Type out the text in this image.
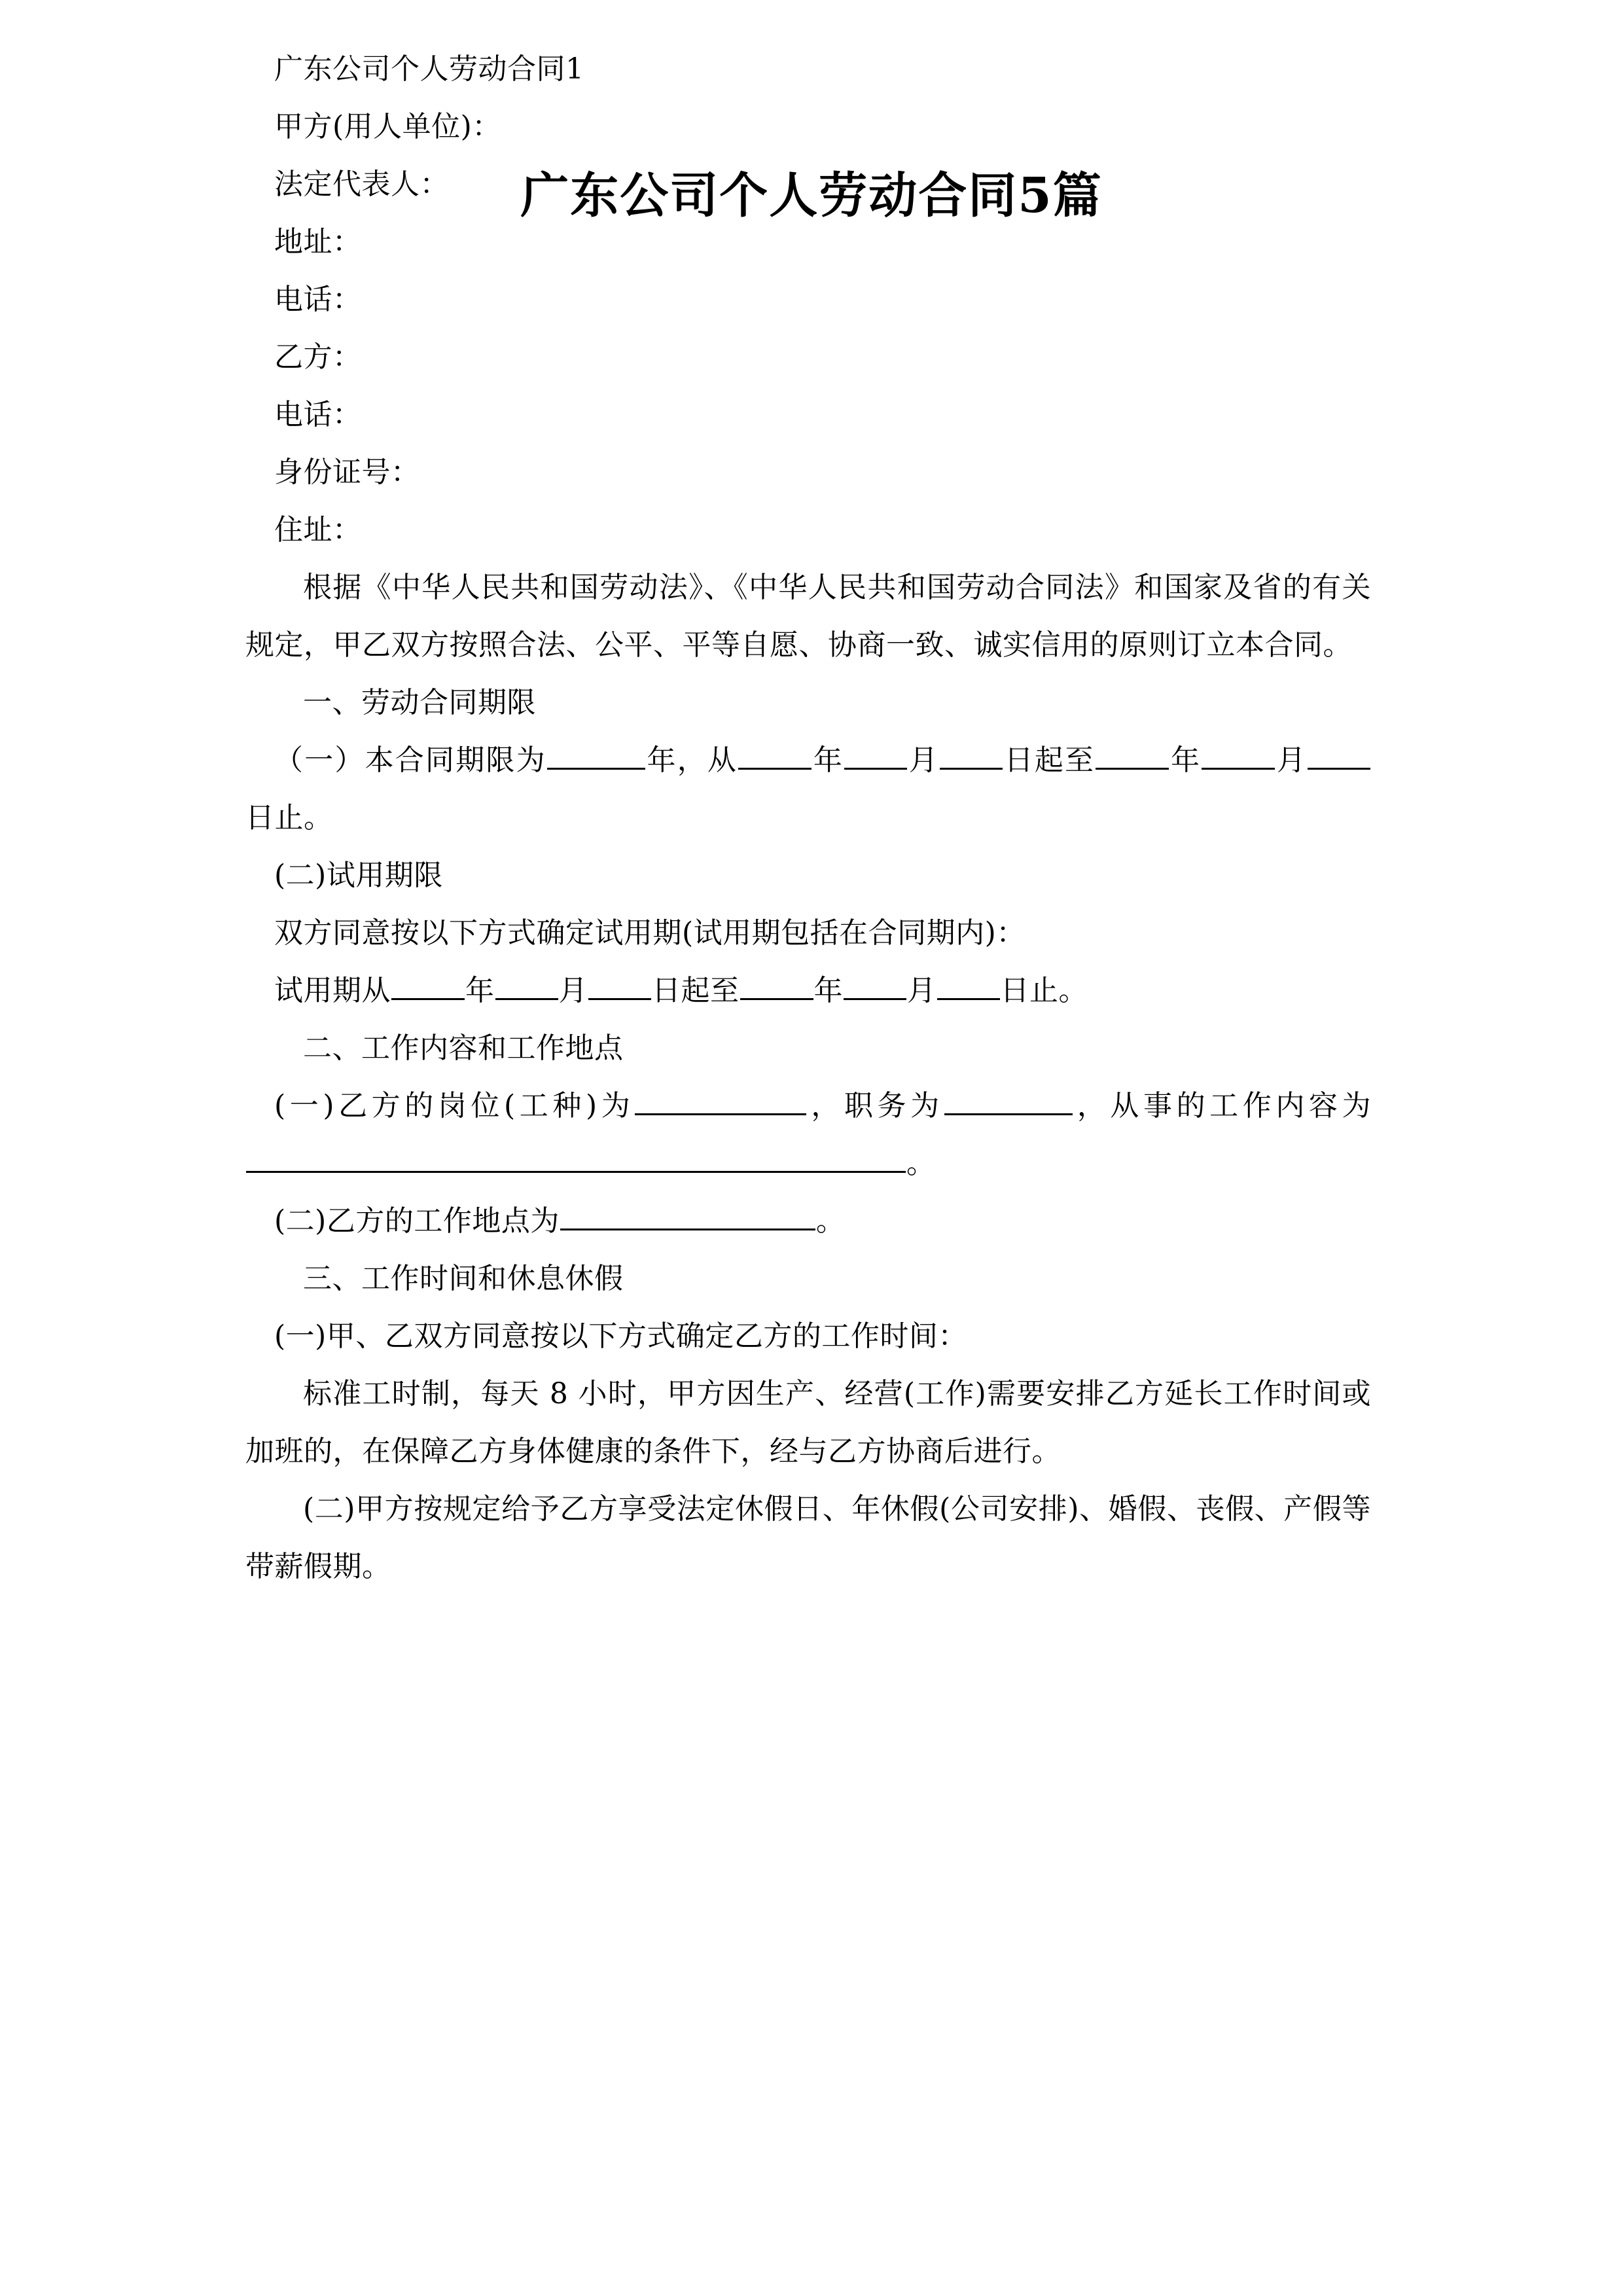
广东公司个人劳动合同5篇

广东公司个人劳动合同1

甲方(用人单位)：

法定代表人：

地址：

电话：

乙方：

电话：

身份证号：

住址：

根据《中华人民共和国劳动法》、《中华人民共和国劳动合同法》和国家及省的有关规定，甲乙双方按照合法、公平、平等自愿、协商一致、诚实信用的原则订立本合同。

一、劳动合同期限

（一）本合同期限为	年，从	年 月 日起至	年	月日止。

(二)试用期限

双方同意按以下方式确定试用期(试用期包括在合同期内)：

试用期从	年 月 日起至	年 月 日止。

二、工作内容和工作地点

(一)乙方的岗位(工种)为	，职务为	，从事的工作内容为。

(二)乙方的工作地点为	。

三、工作时间和休息休假

(一)甲、乙双方同意按以下方式确定乙方的工作时间：

标准工时制，每天 8 小时，甲方因生产、经营(工作)需要安排乙方延长工作时间或加班的，在保障乙方身体健康的条件下，经与乙方协商后进行。

(二)甲方按规定给予乙方享受法定休假日、年休假(公司安排)、婚假、丧假、产假等带薪假期。
